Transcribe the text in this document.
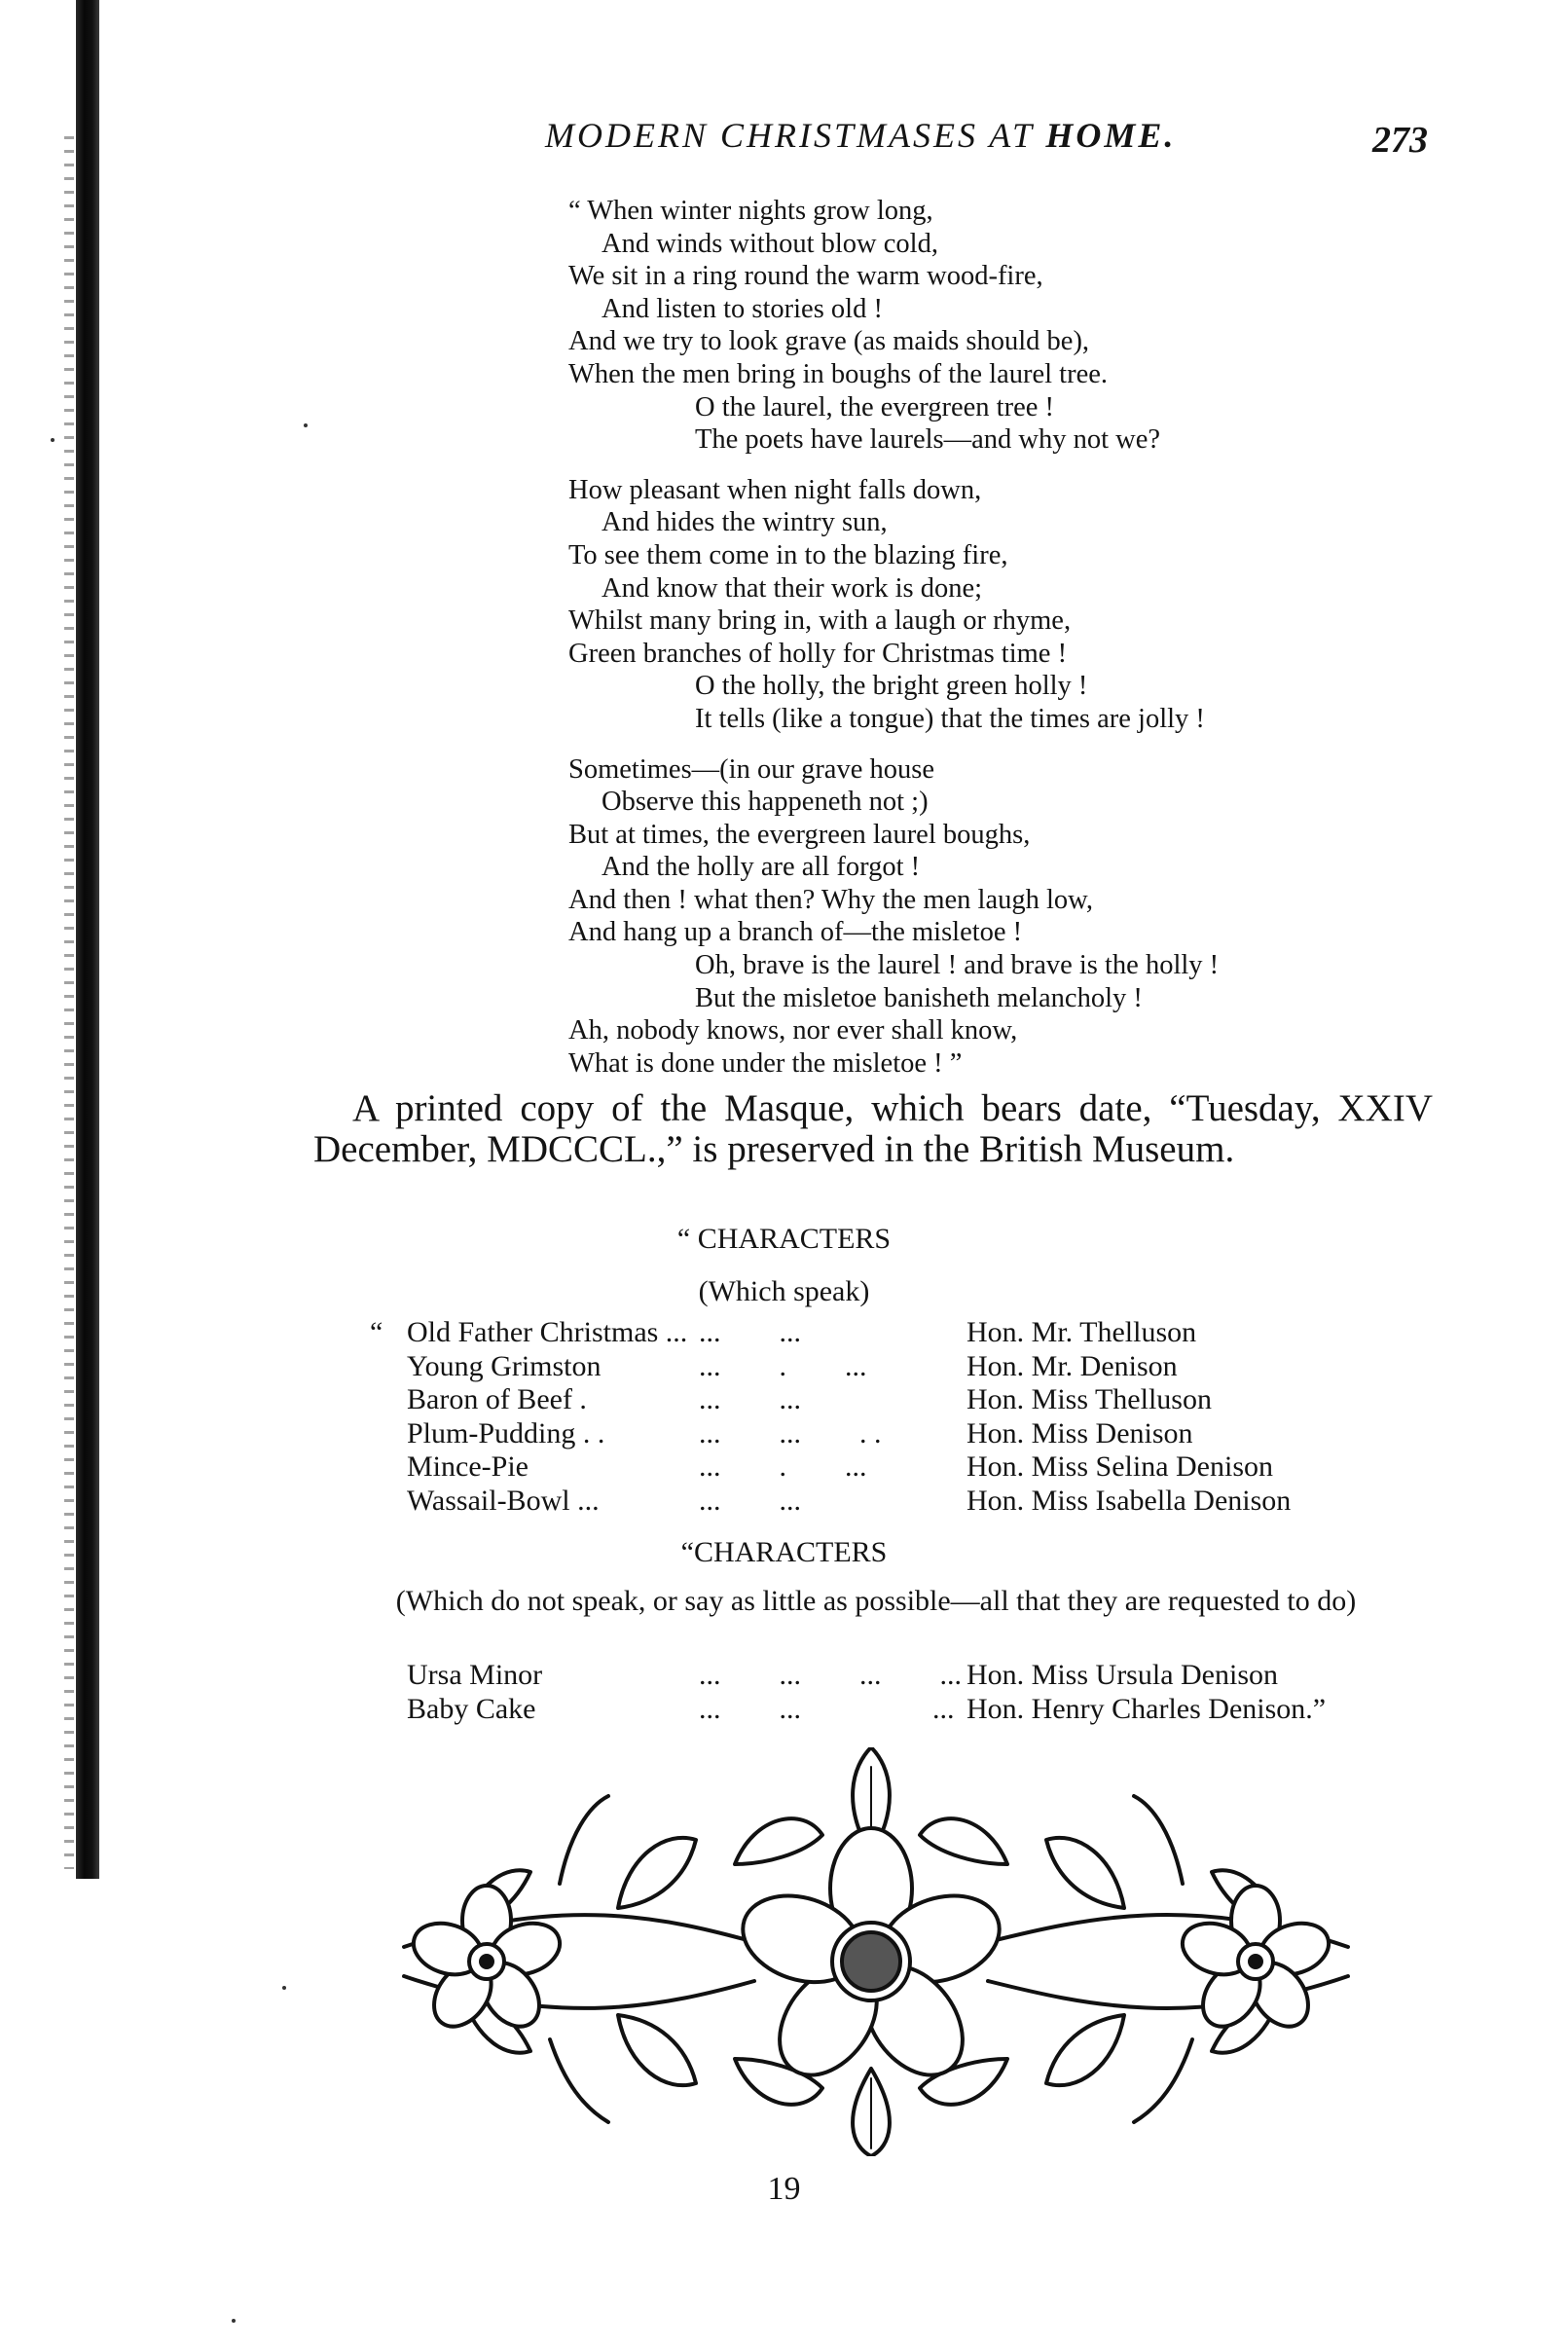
MODERN CHRISTMASES AT HOME.	273
“ When winter nights grow long,
And winds without blow cold,
We sit in a ring round the warm wood-fire,
And listen to stories old !
And we try to look grave (as maids should be),
When the men bring in boughs of the laurel tree.
O the laurel, the evergreen tree !
The poets have laurels—and why not we?
How pleasant when night falls down,
And hides the wintry sun,
To see them come in to the blazing fire,
And know that their work is done;
Whilst many bring in, with a laugh or rhyme,
Green branches of holly for Christmas time !
O the holly, the bright green holly !
It tells (like a tongue) that the times are jolly !
Sometimes—(in our grave house
Observe this happeneth not ;)
But at times, the evergreen laurel boughs,
And the holly are all forgot !
And then ! what then? Why the men laugh low,
And hang up a branch of—the misletoe !
Oh, brave is the laurel ! and brave is the holly !
But the misletoe banisheth melancholy !
Ah, nobody knows, nor ever shall know,
What is done under the misletoe ! ”
A printed copy of the Masque, which bears date, “Tuesday, XXIV December, MDCCCL.,” is preserved in the British Museum.
“ CHARACTERS
(Which speak)
“ Old Father Christmas ... ...        ...	Hon. Mr. Thelluson
Young Grimston	...        .        ...	Hon. Mr. Denison
Baron of Beef .	...        ...	Hon. Miss Thelluson
Plum-Pudding . .	...        ...        . .	Hon. Miss Denison
Mince-Pie	...        .        ...	Hon. Miss Selina Denison
Wassail-Bowl ...	...        ...	Hon. Miss Isabella Denison
“CHARACTERS
(Which do not speak, or say as little as possible—all that they are requested to do)
Ursa Minor	...        ...        ...        ... Hon. Miss Ursula Denison
Baby Cake	...        ...                  ... Hon. Henry Charles Denison.”
19
